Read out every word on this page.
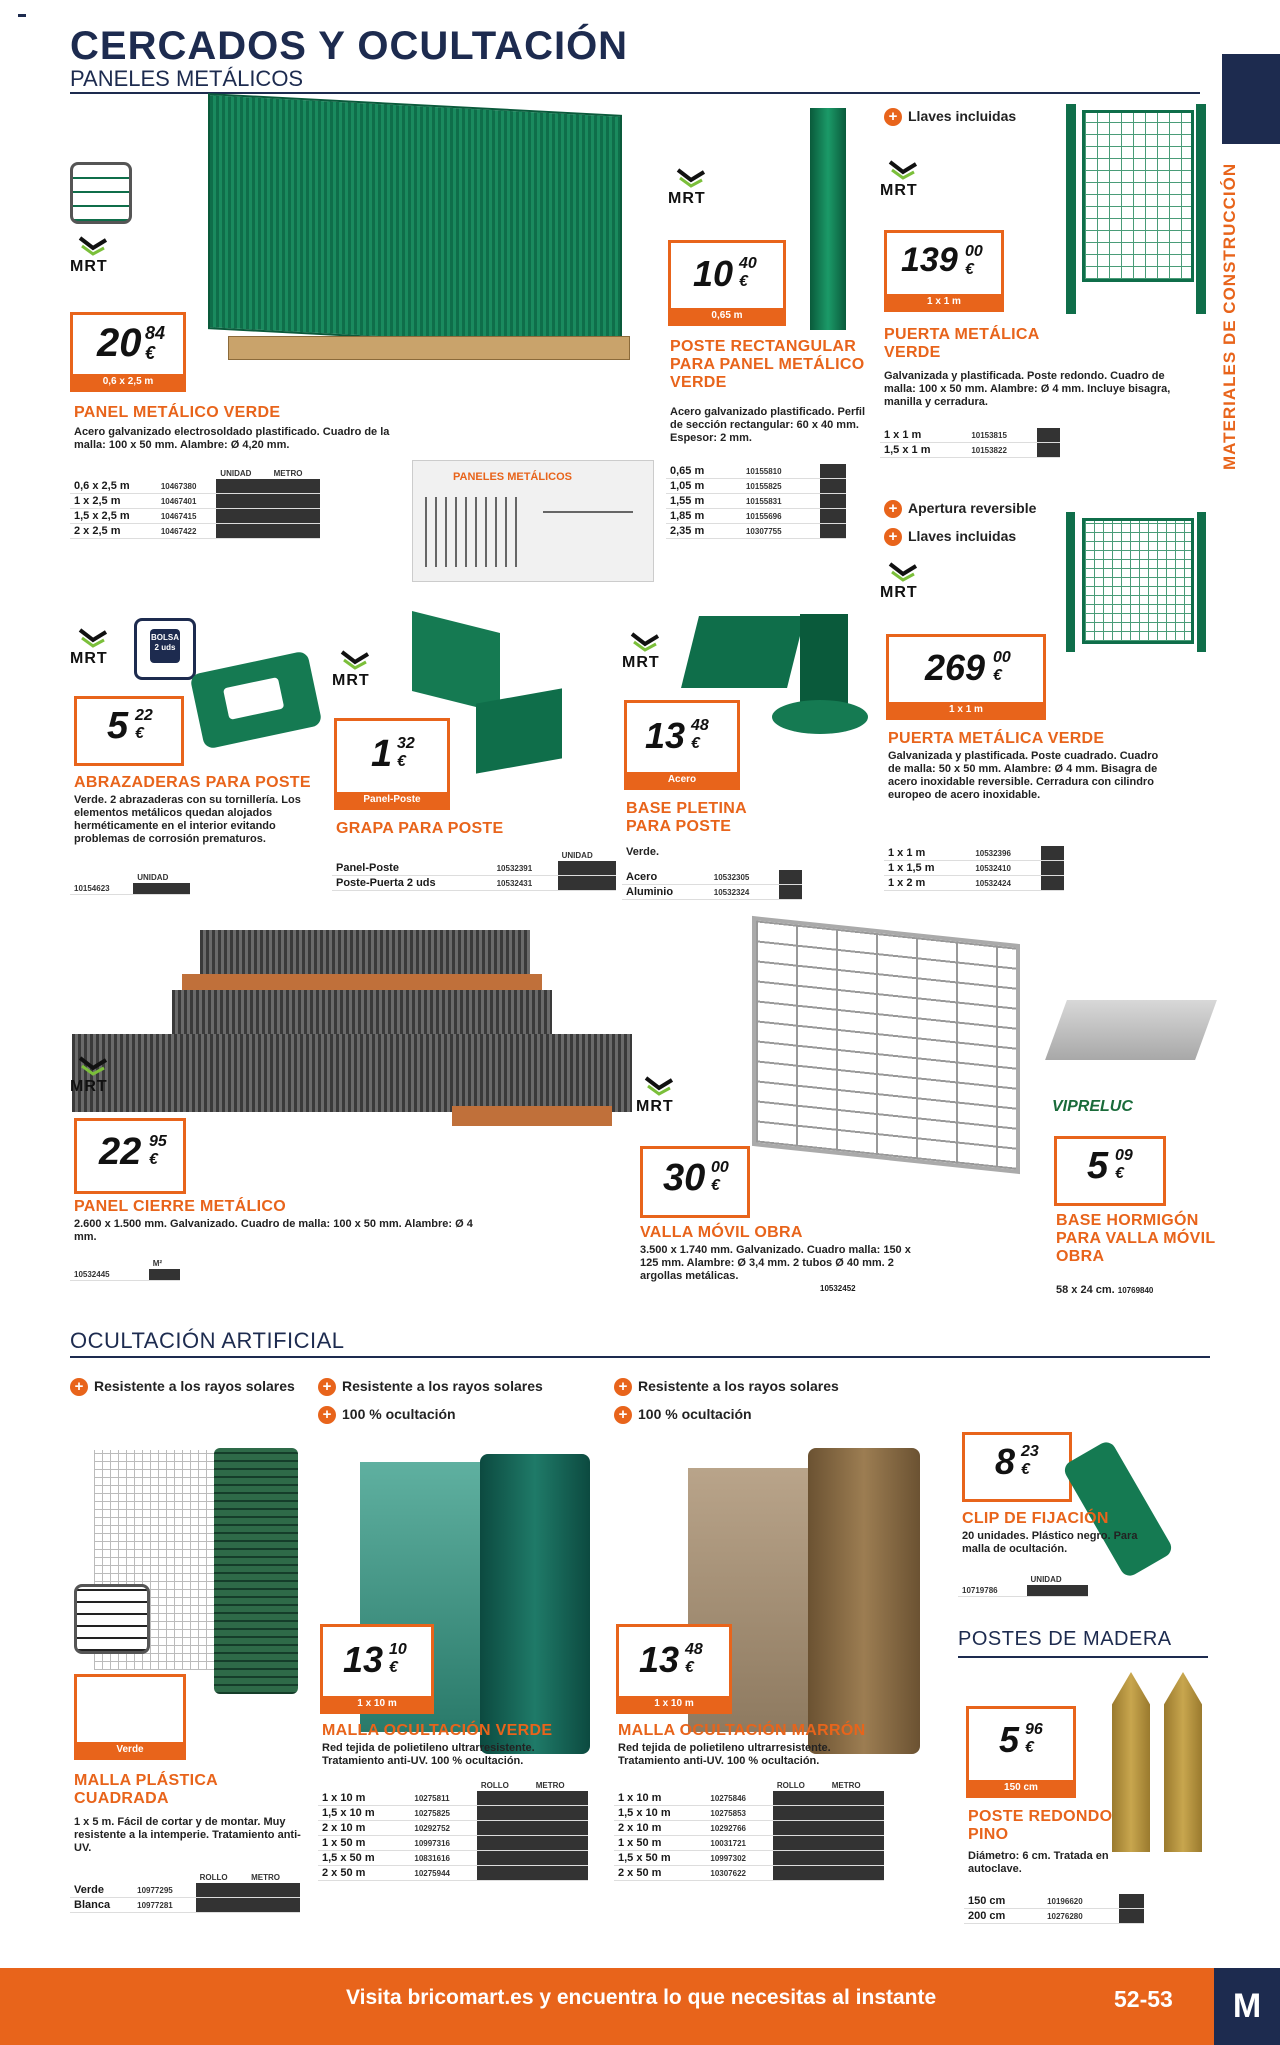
CERCADOS Y OCULTACIÓN
PANELES METÁLICOS
MATERIALES DE CONSTRUCCIÓN
MRT
20 84
€
0,6 x 2,5 m
PANEL METÁLICO VERDE
Acero galvanizado electrosoldado plastificado. Cuadro de la malla: 100 x 50 mm. Alambre: Ø 4,20 mm.
		UNIDAD	METRO
0,6 x 2,5 m	10467380		
1 x 2,5 m	10467401		
1,5 x 2,5 m	10467415		
2 x 2,5 m	10467422		
PANELES METÁLICOS
MRT
10 40
€
0,65 m
POSTE RECTANGULAR PARA PANEL METÁLICO VERDE
Acero galvanizado plastificado. Perfil de sección rectangular: 60 x 40 mm. Espesor: 2 mm.
0,65 m	10155810	
1,05 m	10155825	
1,55 m	10155831	
1,85 m	10155696	
2,35 m	10307755	
+ Llaves incluidas
MRT
139 00
€
1 x 1 m
PUERTA METÁLICA VERDE
Galvanizada y plastificada. Poste redondo. Cuadro de malla: 100 x 50 mm. Alambre: Ø 4 mm. Incluye bisagra, manilla y cerradura.
1 x 1 m	10153815	
1,5 x 1 m	10153822	
+ Apertura reversible
+ Llaves incluidas
MRT
269 00
€
1 x 1 m
PUERTA METÁLICA VERDE
Galvanizada y plastificada. Poste cuadrado. Cuadro de malla: 50 x 50 mm. Alambre: Ø 4 mm. Bisagra de acero inoxidable reversible. Cerradura con cilindro europeo de acero inoxidable.
1 x 1 m	10532396	
1 x 1,5 m	10532410	
1 x 2 m	10532424	
MRT
BOLSA 2 uds
5 22
€
ABRAZADERAS PARA POSTE
Verde. 2 abrazaderas con su tornillería. Los elementos metálicos quedan alojados herméticamente en el interior evitando problemas de corrosión prematuros.
	UNIDAD
10154623	
MRT
1 32
€
Panel-Poste
GRAPA PARA POSTE
		UNIDAD
Panel-Poste	10532391	
Poste-Puerta 2 uds	10532431	
MRT
13 48
€
Acero
BASE PLETINA PARA POSTE
Verde.
Acero	10532305	
Aluminio	10532324	
MRT
22 95
€
PANEL CIERRE METÁLICO
2.600 x 1.500 mm. Galvanizado. Cuadro de malla: 100 x 50 mm. Alambre: Ø 4 mm.
	M²
10532445	
MRT
30 00
€
VALLA MÓVIL OBRA
3.500 x 1.740 mm. Galvanizado. Cuadro malla: 150 x 125 mm. Alambre: Ø 3,4 mm. 2 tubos Ø 40 mm. 2 argollas metálicas.
10532452
VIPRELUC
5 09
€
BASE HORMIGÓN PARA VALLA MÓVIL OBRA
58 x 24 cm. 10769840
OCULTACIÓN ARTIFICIAL
+ Resistente a los rayos solares	+ Resistente a los rayos solares
+ 100 % ocultación
+ Resistente a los rayos solares
+ 100 % ocultación
Verde
MALLA PLÁSTICA CUADRADA
1 x 5 m. Fácil de cortar y de montar. Muy resistente a la intemperie. Tratamiento anti-UV.
		ROLLO	METRO
Verde	10977295		
Blanca	10977281		
13 10
€
1 x 10 m
MALLA OCULTACIÓN VERDE
Red tejida de polietileno ultrarresistente. Tratamiento anti-UV. 100 % ocultación.
		ROLLO	METRO
1 x 10 m	10275811		
1,5 x 10 m	10275825		
2 x 10 m	10292752		
1 x 50 m	10997316		
1,5 x 50 m	10831616		
2 x 50 m	10275944		
13 48
€
1 x 10 m
MALLA OCULTACIÓN MARRÓN
Red tejida de polietileno ultrarresistente. Tratamiento anti-UV. 100 % ocultación.
		ROLLO	METRO
1 x 10 m	10275846		
1,5 x 10 m	10275853		
2 x 10 m	10292766		
1 x 50 m	10031721		
1,5 x 50 m	10997302		
2 x 50 m	10307622		
8 23
€
CLIP DE FIJACIÓN
20 unidades. Plástico negro. Para malla de ocultación.
	UNIDAD
10719786	
POSTES DE MADERA
5 96
€
150 cm
POSTE REDONDO PINO
Diámetro: 6 cm. Tratada en autoclave.
150 cm	10196620	
200 cm	10276280	
Visita bricomart.es y encuentra lo que necesitas al instante	52-53	M
